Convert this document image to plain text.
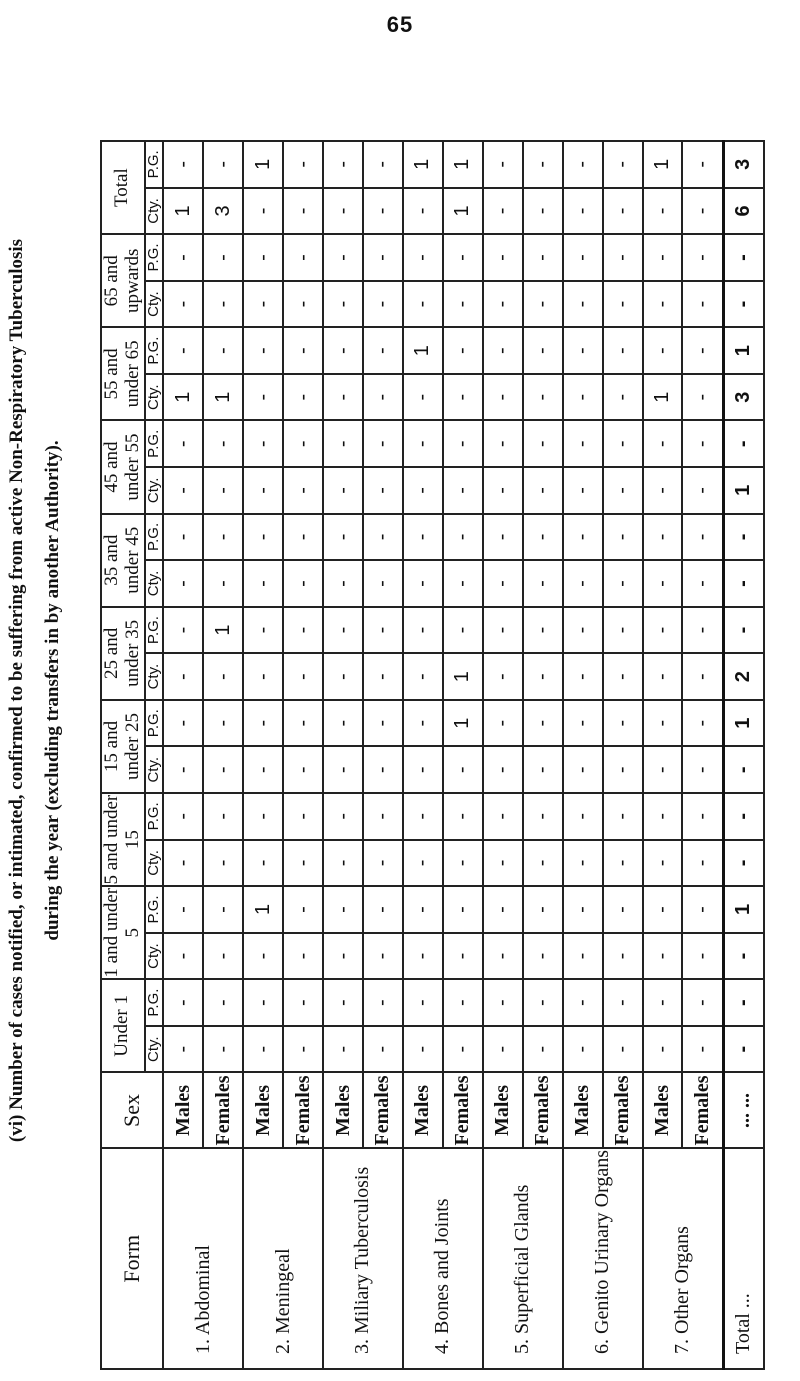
65
(vi) Number of cases notified, or intimated, confirmed to be suffering from active Non-Respiratory Tuberculosis during the year (excluding transfers in by another Authority).
Form	Sex	Under 1		1 and under 5		5 and under 15		15 and under 25		25 and under 35		35 and under 45		45 and under 55		55 and under 65		65 and upwards		Total	
		Cty.	P.G.	Cty.	P.G.	Cty.	P.G.	Cty.	P.G.	Cty.	P.G.	Cty.	P.G.	Cty.	P.G.	Cty.	P.G.	Cty.	P.G.	Cty.	P.G.
1. Abdominal	Males	-	-	-	-	-	-	-	-	-	-	-	-	-	-	1	-	-	-	1	-
	Females	-	-	-	-	-	-	-	-	-	1	-	-	-	-	1	-	-	-	3	-
2. Meningeal	Males	-	-	-	1	-	-	-	-	-	-	-	-	-	-	-	-	-	-	-	1
	Females	-	-	-	-	-	-	-	-	-	-	-	-	-	-	-	-	-	-	-	-
3. Miliary Tuberculosis	Males	-	-	-	-	-	-	-	-	-	-	-	-	-	-	-	-	-	-	-	-
	Females	-	-	-	-	-	-	-	-	-	-	-	-	-	-	-	-	-	-	-	-
4. Bones and Joints	Males	-	-	-	-	-	-	-	-	-	-	-	-	-	-	-	1	-	-	-	1
	Females	-	-	-	-	-	-	-	1	1	-	-	-	-	-	-	-	-	-	1	1
5. Superficial Glands	Males	-	-	-	-	-	-	-	-	-	-	-	-	-	-	-	-	-	-	-	-
	Females	-	-	-	-	-	-	-	-	-	-	-	-	-	-	-	-	-	-	-	-
6. Genito Urinary Organs	Males	-	-	-	-	-	-	-	-	-	-	-	-	-	-	-	-	-	-	-	-
	Females	-	-	-	-	-	-	-	-	-	-	-	-	-	-	-	-	-	-	-	-
7. Other Organs	Males	-	-	-	-	-	-	-	-	-	-	-	-	-	-	1	-	-	-	-	1
	Females	-	-	-	-	-	-	-	-	-	-	-	-	-	-	-	-	-	-	-	-
Total ...	... ...	-	-	-	1	-	-	-	1	2	-	-	-	1	-	3	1	-	-	6	3
